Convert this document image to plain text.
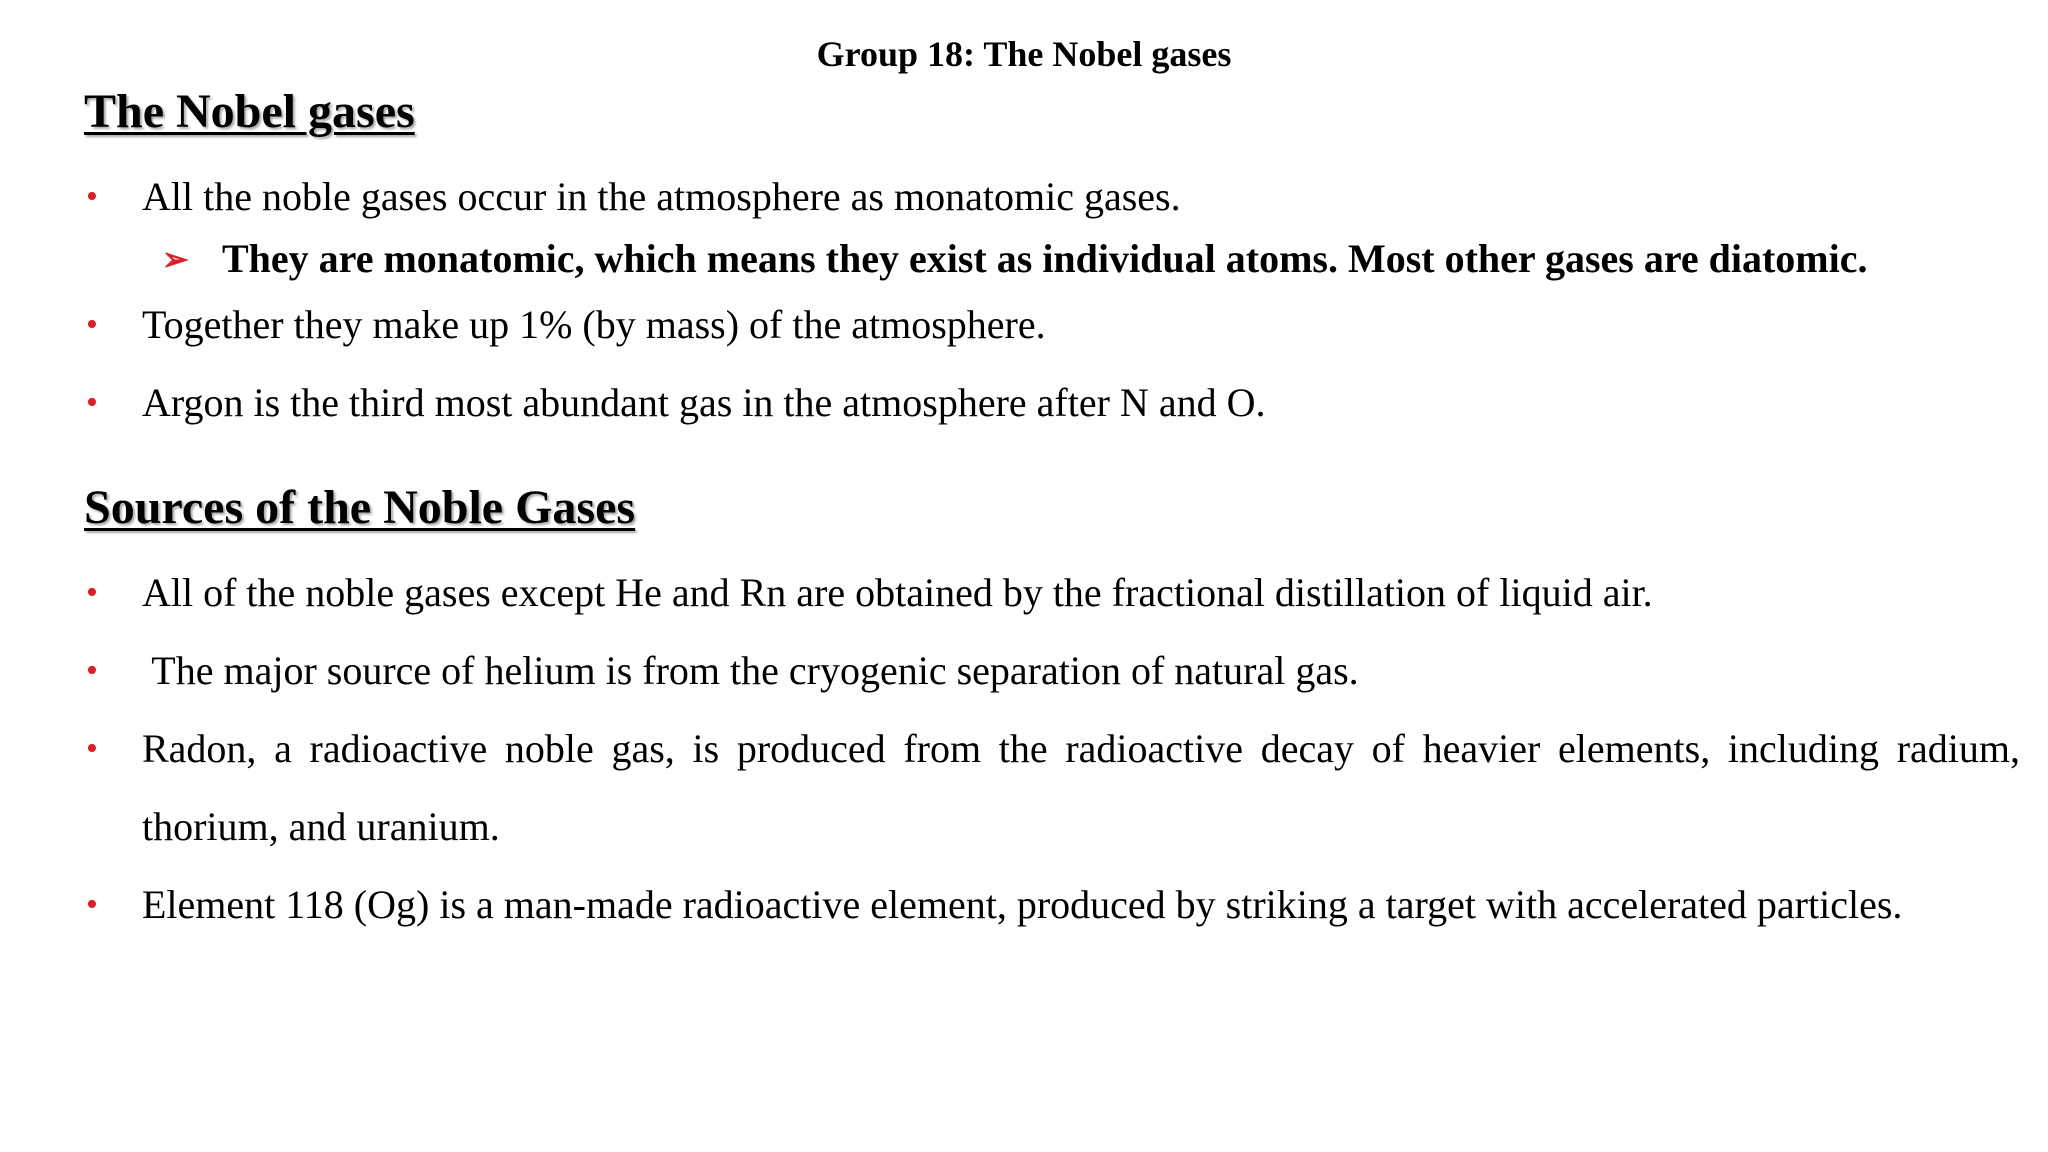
Group 18: The Nobel gases
The Nobel gases
• All the noble gases occur in the atmosphere as monatomic gases.
➢ They are monatomic, which means they exist as individual atoms. Most other gases are diatomic.
• Together they make up 1% (by mass) of the atmosphere.
• Argon is the third most abundant gas in the atmosphere after N and O.
Sources of the Noble Gases
• All of the noble gases except He and Rn are obtained by the fractional distillation of liquid air.
• The major source of helium is from the cryogenic separation of natural gas.
• Radon, a radioactive noble gas, is produced from the radioactive decay of heavier elements, including radium, thorium, and uranium.
• Element 118 (Og) is a man-made radioactive element, produced by striking a target with accelerated particles.
